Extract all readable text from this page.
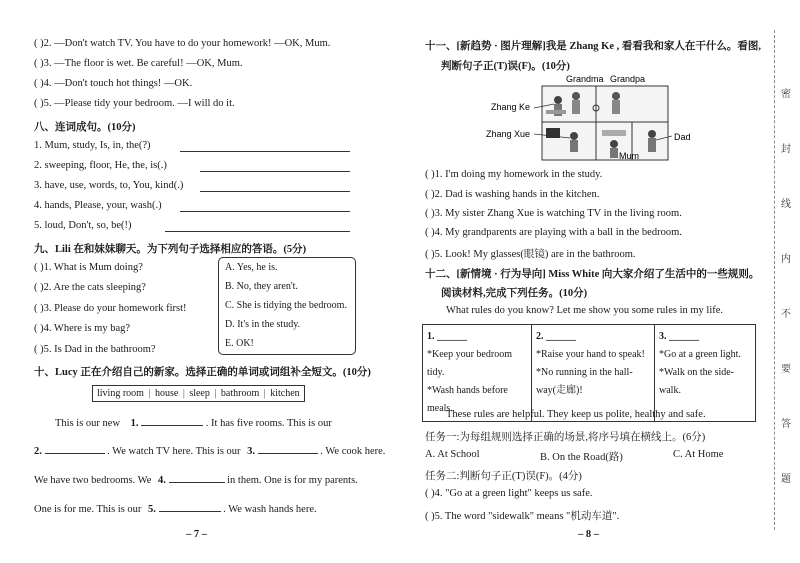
( )2. —Don't watch TV. You have to do your homework! —OK, Mum.
( )3. —The floor is wet. Be careful! —OK, Mum.
( )4. —Don't touch hot things! —OK.
( )5. —Please tidy your bedroom. —I will do it.
八、连词成句。(10分)
1. Mum, study, Is, in, the(?)
2. sweeping, floor, He, the, is(.)
3. have, use, words, to, You, kind(.)
4. hands, Please, your, wash(.)
5. loud, Don't, so, be(!)
九、Lili 在和妹妹聊天。为下列句子选择相应的答语。(5分)
( )1. What is Mum doing?
( )2. Are the cats sleeping?
( )3. Please do your homework first!
( )4. Where is my bag?
( )5. Is Dad in the bathroom?
A. Yes, he is.
B. No, they aren't.
C. She is tidying the bedroom.
D. It's in the study.
E. OK!
十、Lucy 正在介绍自己的新家。选择正确的单词或词组补全短文。(10分)
living room | house | sleep | bathroom | kitchen
This is our new 1.	. It has five rooms. This is our
2.	. We watch TV here. This is our 3.	. We cook here.
We have two bedrooms. We 4.	in them. One is for my parents.
One is for me. This is our 5.	. We wash hands here.
– 7 –
十一、[新趋势 · 图片理解]我是 Zhang Ke , 看看我和家人在干什么。看图,
判断句子正(T)误(F)。(10分)
Grandma Grandpa
Zhang Ke
Zhang Xue
Mum
Dad
( )1. I'm doing my homework in the study.
( )2. Dad is washing hands in the kitchen.
( )3. My sister Zhang Xue is watching TV in the living room.
( )4. My grandparents are playing with a ball in the bedroom.
( )5. Look! My glasses(眼镜) are in the bathroom.
十二、[新情境 · 行为导向] Miss White 向大家介绍了生活中的一些规则。
阅读材料,完成下列任务。(10分)
What rules do you know? Let me show you some rules in my life.
1. ______
*Keep your bedroom tidy.
*Wash hands before
meals.

2. ______
*Raise your hand to speak!
*No running in the hall-
way(走廊)!

3. ______
*Go at a green light.
*Walk on the side-
walk.
These rules are helpful. They keep us polite, healthy and safe.
任务一:为每组规则选择正确的场景,将序号填在横线上。(6分)
A. At School	B. On the Road(路)	C. At Home
任务二:判断句子正(T)误(F)。(4分)
( )4. "Go at a green light" keeps us safe.
( )5. The word "sidewalk" means "机动车道".
– 8 –
密
封
线
内
不
要
答
题
